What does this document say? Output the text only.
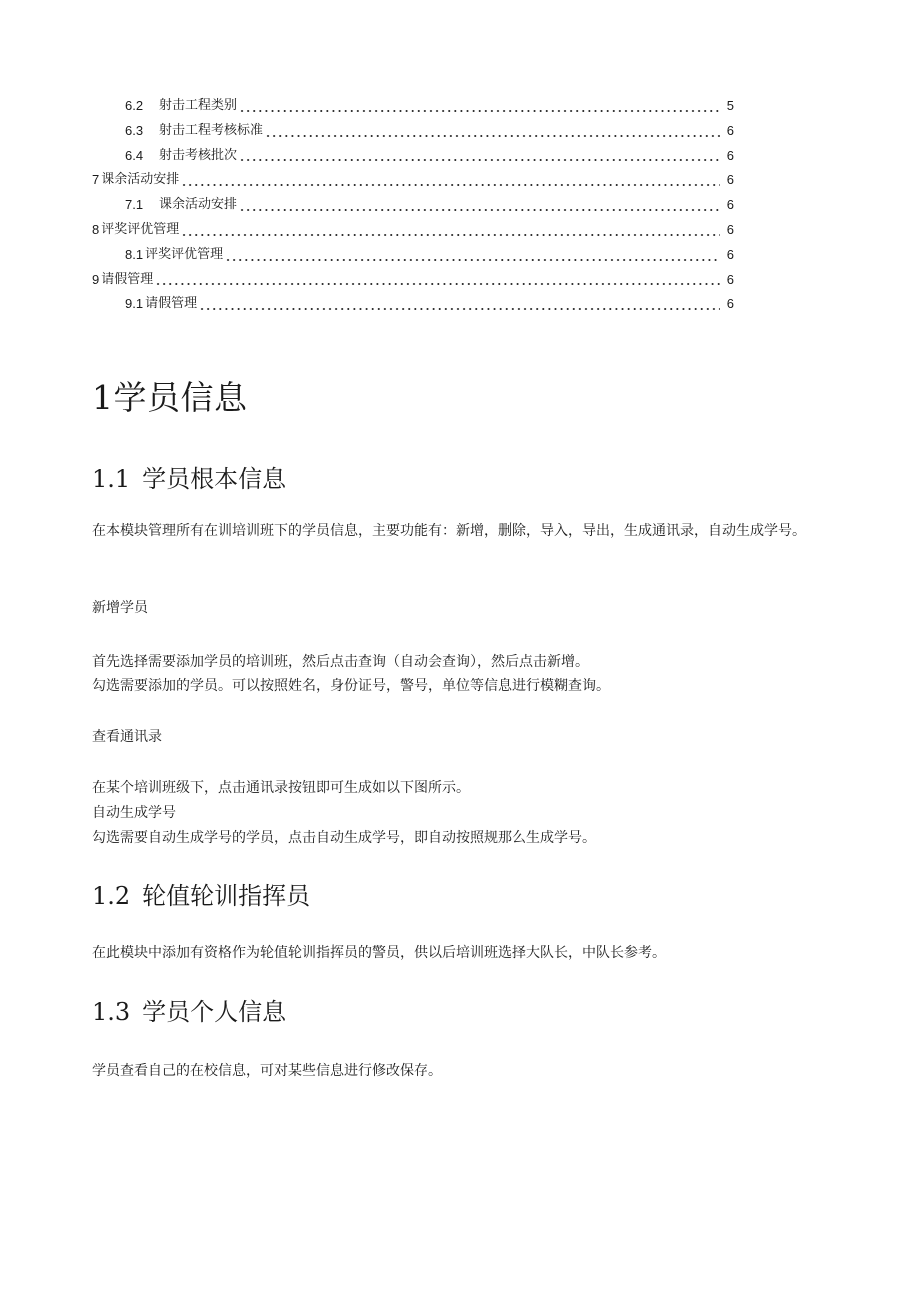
6.2	射击工程类别	5
6.3	射击工程考核标准	6
6.4	射击考核批次	6
7 课余活动安排	6
7.1	课余活动安排	6
8 评奖评优管理	6
8.1 评奖评优管理	6
9 请假管理	6
9.1 请假管理	6
1学员信息
1.1 学员根本信息

在本模块管理所有在训培训班下的学员信息，主要功能有：新增，删除，导入，导出，生成通讯录，自动生成学号。

新增学员

首先选择需要添加学员的培训班，然后点击查询（自动会查询），然后点击新增。

勾选需要添加的学员。可以按照姓名，身份证号，警号，单位等信息进行模糊查询。

查看通讯录

在某个培训班级下，点击通讯录按钮即可生成如以下图所示。

自动生成学号

勾选需要自动生成学号的学员，点击自动生成学号，即自动按照规那么生成学号。

1.2 轮值轮训指挥员

在此模块中添加有资格作为轮值轮训指挥员的警员，供以后培训班选择大队长，中队长参考。

1.3 学员个人信息

学员查看自己的在校信息，可对某些信息进行修改保存。
